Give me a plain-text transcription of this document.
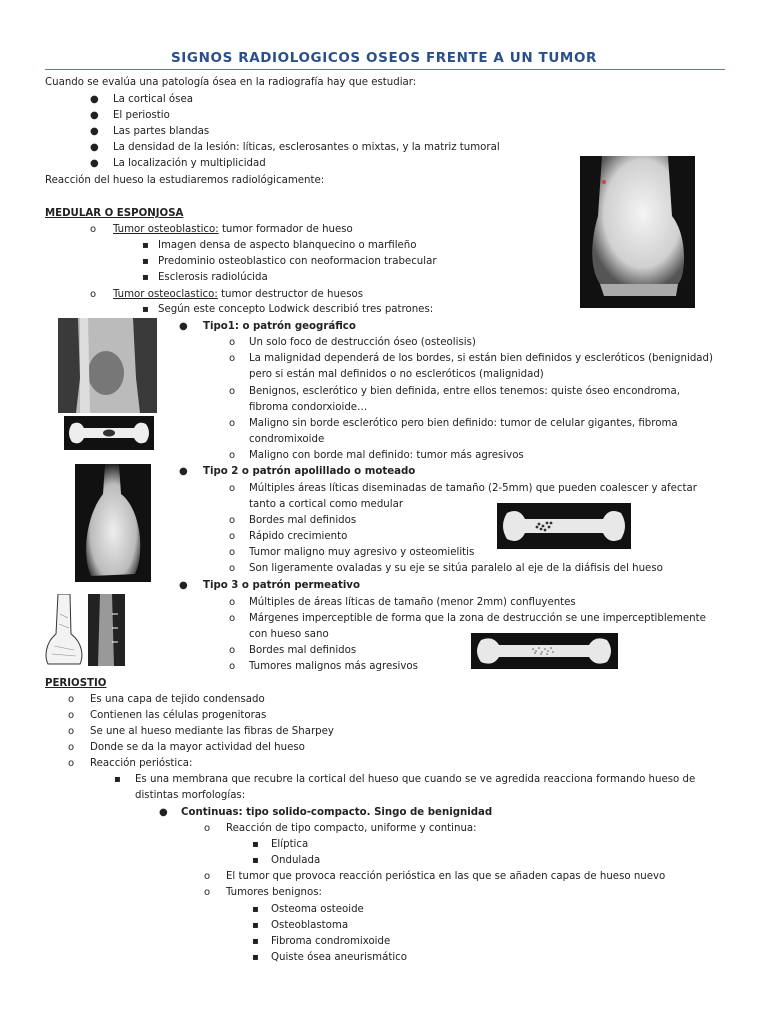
SIGNOS RADIOLOGICOS OSEOS FRENTE A UN TUMOR
Cuando se evalúa una patología ósea en la radiografía hay que estudiar:
● La cortical ósea
● El periostio
● Las partes blandas
● La densidad de la lesión: líticas, esclerosantes o mixtas, y la matriz tumoral
● La localización y multiplicidad
Reacción del hueso la estudiaremos radiológicamente:
MEDULAR O ESPONJOSA
o Tumor osteoblastico: tumor formador de hueso
▪ Imagen densa de aspecto blanquecino o marfileño
▪ Predominio osteoblastico con neoformacion trabecular
▪ Esclerosis radiolúcida
o Tumor osteoclastico: tumor destructor de huesos
▪ Según este concepto Lodwick describió tres patrones:
● Tipo1: o patrón geográfico
o Un solo foco de destrucción óseo (osteolisis)
o La malignidad dependerá de los bordes, si están bien definidos y escleróticos (benignidad)
pero si están mal definidos o no escleróticos (malignidad)
o Benignos, esclerótico y bien definida, entre ellos tenemos: quiste óseo encondroma,
fibroma condorxioide…
o Maligno sin borde esclerótico pero bien definido: tumor de celular gigantes, fibroma
condromixoide
o Maligno con borde mal definido: tumor más agresivos
● Tipo 2 o patrón apolillado o moteado
o Múltiples áreas líticas diseminadas de tamaño (2-5mm) que pueden coalescer y afectar
tanto a cortical como medular
o Bordes mal definidos
o Rápido crecimiento
o Tumor maligno muy agresivo y osteomielitis
o Son ligeramente ovaladas y su eje se sitúa paralelo al eje de la diáfisis del hueso
● Tipo 3 o patrón permeativo
o Múltiples de áreas líticas de tamaño (menor 2mm) confluyentes
o Márgenes imperceptible de forma que la zona de destrucción se une imperceptiblemente
con hueso sano
o Bordes mal definidos
o Tumores malignos más agresivos
PERIOSTIO
o Es una capa de tejido condensado
o Contienen las células progenitoras
o Se une al hueso mediante las fibras de Sharpey
o Donde se da la mayor actividad del hueso
o Reacción perióstica:
▪ Es una membrana que recubre la cortical del hueso que cuando se ve agredida reacciona formando hueso de
distintas morfologías:
● Continuas: tipo solido-compacto. Singo de benignidad
o Reacción de tipo compacto, uniforme y continua:
▪ Elíptica
▪ Ondulada
o El tumor que provoca reacción perióstica en las que se añaden capas de hueso nuevo
o Tumores benignos:
▪ Osteoma osteoide
▪ Osteoblastoma
▪ Fibroma condromixoide
▪ Quiste ósea aneurismático
